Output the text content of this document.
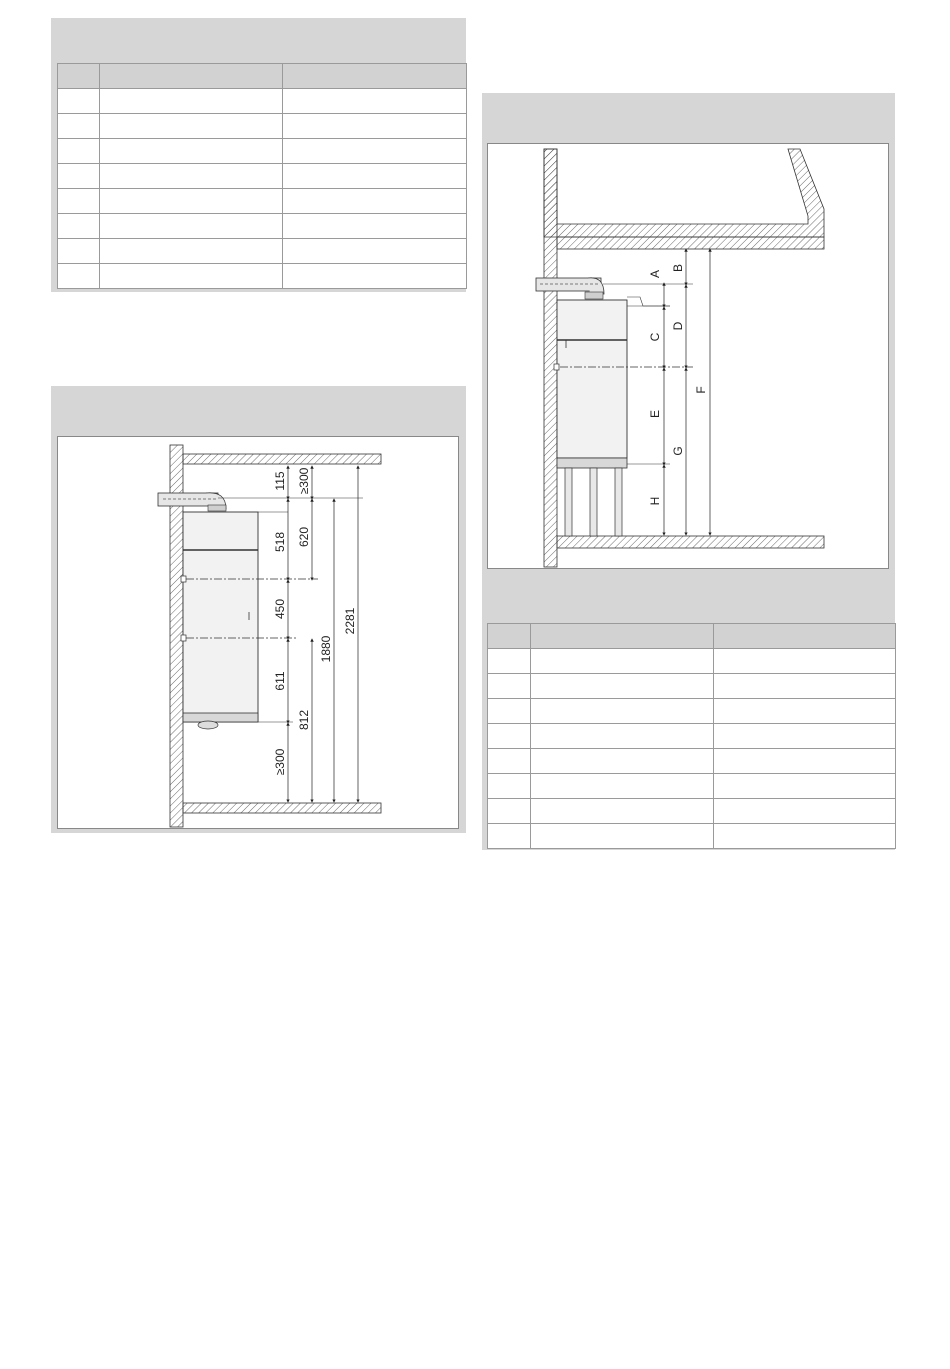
115 ≥300
518 620
450
611
812
1880
2281
≥300
A
B
C
D
E
F
G
H
